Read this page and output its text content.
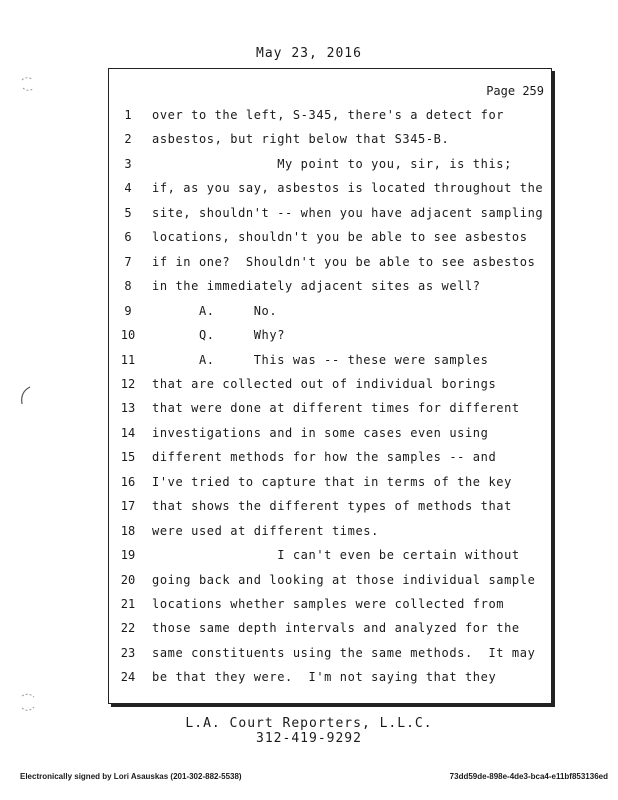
May 23, 2016
Page 259
1	over to the left, S-345, there's a detect for
2	asbestos, but right below that S345-B.
3	My point to you, sir, is this;
4	if, as you say, asbestos is located throughout the
5	site, shouldn't -- when you have adjacent sampling
6	locations, shouldn't you be able to see asbestos
7	if in one?  Shouldn't you be able to see asbestos
8	in the immediately adjacent sites as well?
9	A.     No.
10	Q.     Why?
11	A.     This was -- these were samples
12	that are collected out of individual borings
13	that were done at different times for different
14	investigations and in some cases even using
15	different methods for how the samples -- and
16	I've tried to capture that in terms of the key
17	that shows the different types of methods that
18	were used at different times.
19	I can't even be certain without
20	going back and looking at those individual sample
21	locations whether samples were collected from
22	those same depth intervals and analyzed for the
23	same constituents using the same methods.  It may
24	be that they were.  I'm not saying that they
L.A. Court Reporters, L.L.C.
312-419-9292
Electronically signed by Lori Asauskas (201-302-882-5538)	73dd59de-898e-4de3-bca4-e11bf853136ed
